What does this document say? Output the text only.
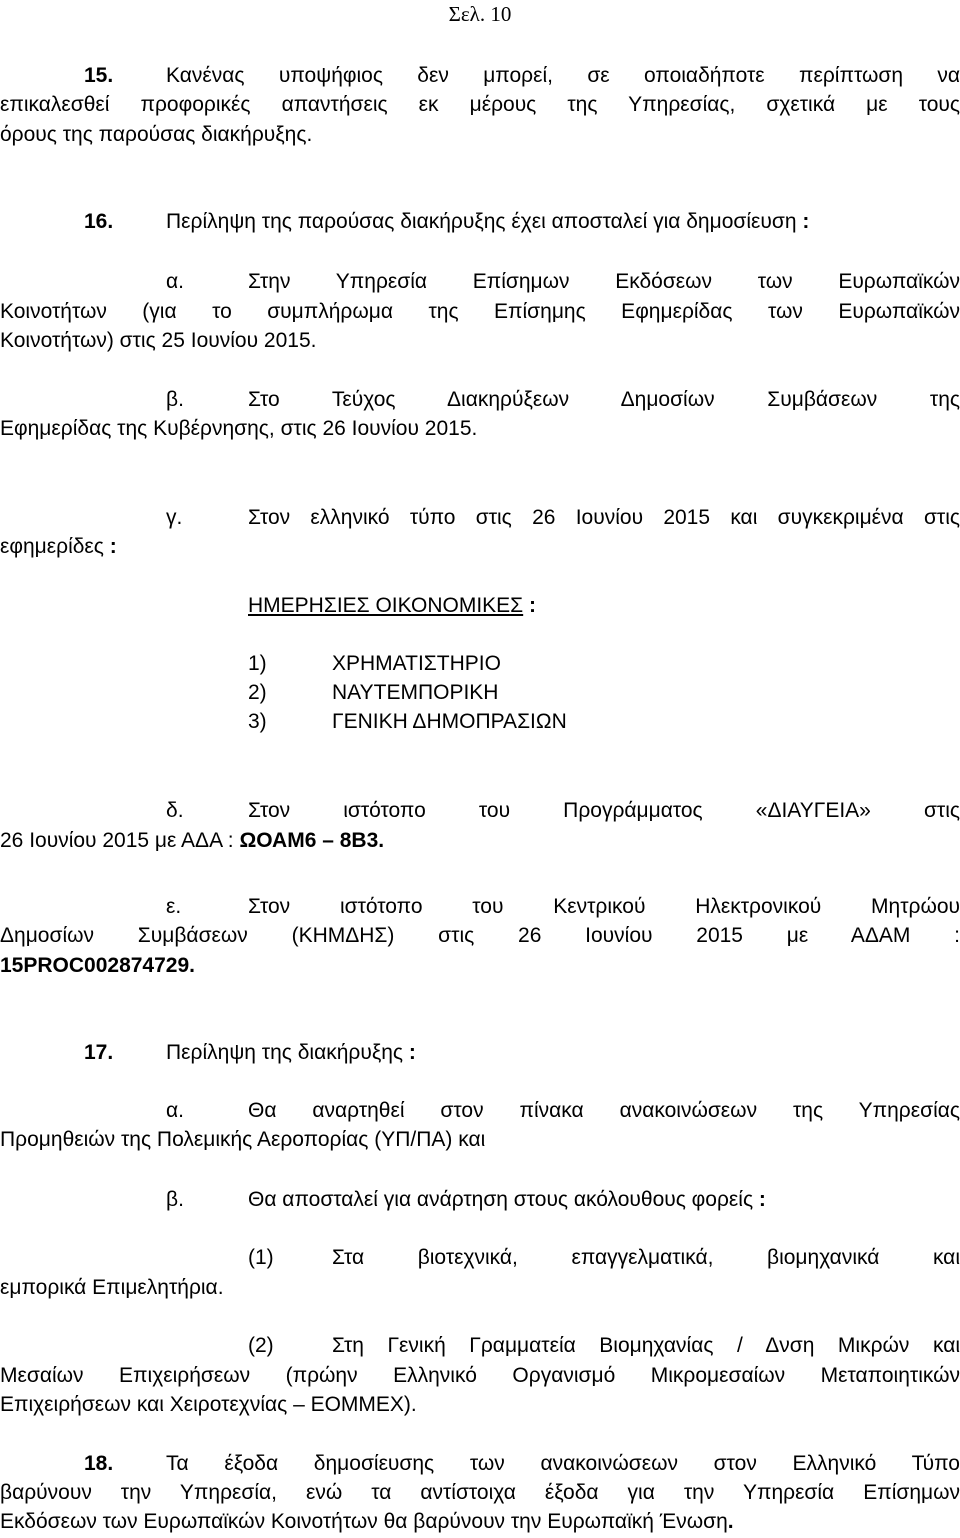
Σελ. 10
15.	Κανένας υποψήφιος δεν μπορεί, σε οποιαδήποτε περίπτωση να
επικαλεσθεί προφορικές απαντήσεις εκ μέρους της Υπηρεσίας, σχετικά με τους
όρους της παρούσας διακήρυξης.
16.	Περίληψη της παρούσας διακήρυξης έχει αποσταλεί για δημοσίευση :
α.	Στην Υπηρεσία Επίσημων Εκδόσεων των Ευρωπαϊκών
Κοινοτήτων (για το συμπλήρωμα της Επίσημης Εφημερίδας των Ευρωπαϊκών
Κοινοτήτων) στις 25 Ιουνίου 2015.
β.	Στο Τεύχος Διακηρύξεων Δημοσίων Συμβάσεων της
Εφημερίδας της Κυβέρνησης, στις 26 Ιουνίου 2015.
γ.	Στον ελληνικό τύπο στις 26 Ιουνίου 2015 και συγκεκριμένα στις
εφημερίδες :
ΗΜΕΡΗΣΙΕΣ ΟΙΚΟΝΟΜΙΚΕΣ :
1)	ΧΡΗΜΑΤΙΣΤΗΡΙΟ
2)	ΝΑΥΤΕΜΠΟΡΙΚΗ
3)	ΓΕΝΙΚΗ ΔΗΜΟΠΡΑΣΙΩΝ
δ.	Στον ιστότοπο του Προγράμματος «ΔΙΑΥΓΕΙΑ» στις
26 Ιουνίου 2015 με ΑΔΑ : ΩΟΑΜ6 – 8Β3.
ε.	Στον ιστότοπο του Κεντρικού Ηλεκτρονικού Μητρώου
Δημοσίων Συμβάσεων (ΚΗΜΔΗΣ) στις 26 Ιουνίου 2015 με ΑΔΑΜ :
15PROC002874729.
17.	Περίληψη της διακήρυξης :
α.	Θα αναρτηθεί στον πίνακα ανακοινώσεων της Υπηρεσίας
Προμηθειών της Πολεμικής Αεροπορίας (ΥΠ/ΠΑ) και
β.	Θα αποσταλεί για ανάρτηση στους ακόλουθους φορείς :
(1)	Στα βιοτεχνικά, επαγγελματικά, βιομηχανικά και
εμπορικά Επιμελητήρια.
(2)	Στη Γενική Γραμματεία Βιομηχανίας / Δνση Μικρών και
Μεσαίων Επιχειρήσεων (πρώην Ελληνικό Οργανισμό Μικρομεσαίων Μεταποιητικών
Επιχειρήσεων και Χειροτεχνίας – ΕΟΜΜΕΧ).
18.	Τα έξοδα δημοσίευσης των ανακοινώσεων στον Ελληνικό Τύπο
βαρύνουν την Υπηρεσία, ενώ τα αντίστοιχα έξοδα για την Υπηρεσία Επίσημων
Εκδόσεων των Ευρωπαϊκών Κοινοτήτων θα βαρύνουν την Ευρωπαϊκή Ένωση.
